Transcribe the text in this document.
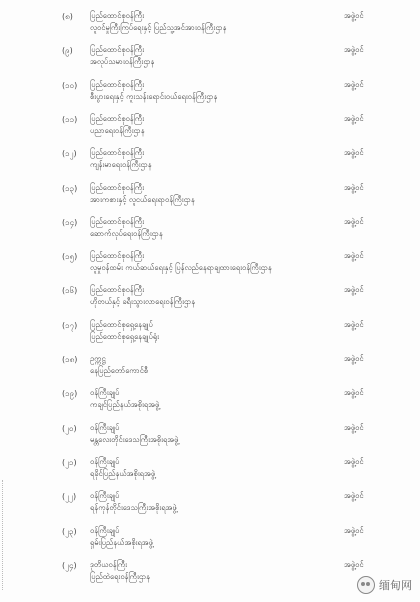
(၈) ပြည်ထောင်စုဝန်ကြီး
လူဝင်မှုကြီးကြပ်ရေးနှင့် ပြည်သူ့အင်အားဝန်ကြီးဌာန
အဖွဲ့ဝင်
(၉) ပြည်ထောင်စုဝန်ကြီး
အလုပ်သမားဝန်ကြီးဌာန
အဖွဲ့ဝင်
(၁၀) ပြည်ထောင်စုဝန်ကြီး
စီးပွားရေးနှင့် ကူးသန်းရောင်းဝယ်ရေးဝန်ကြီးဌာန
အဖွဲ့ဝင်
(၁၁) ပြည်ထောင်စုဝန်ကြီး
ပညာရေးဝန်ကြီးဌာန
အဖွဲ့ဝင်
(၁၂) ပြည်ထောင်စုဝန်ကြီး
ကျန်းမာရေးဝန်ကြီးဌာန
အဖွဲ့ဝင်
(၁၃) ပြည်ထောင်စုဝန်ကြီး
အားကစားနှင့် လူငယ်ရေးရာဝန်ကြီးဌာန
အဖွဲ့ဝင်
(၁၄) ပြည်ထောင်စုဝန်ကြီး
ဆောက်လုပ်ရေးဝန်ကြီးဌာန
အဖွဲ့ဝင်
(၁၅) ပြည်ထောင်စုဝန်ကြီး
လူမှုဝန်ထမ်း ကယ်ဆယ်ရေးနှင့် ပြန်လည်နေရာချထားရေးဝန်ကြီးဌာန
အဖွဲ့ဝင်
(၁၆) ပြည်ထောင်စုဝန်ကြီး
ဟိုတယ်နှင့် ခရီးသွားလာရေးဝန်ကြီးဌာန
အဖွဲ့ဝင်
(၁၇) ပြည်ထောင်စုရှေ့နေချုပ်
ပြည်ထောင်စုရှေ့နေချုပ်ရုံး
အဖွဲ့ဝင်
(၁၈) ဥက္ကဋ္ဌ
နေပြည်တော်ကောင်စီ
အဖွဲ့ဝင်
(၁၉) ဝန်ကြီးချုပ်
ကချင်ပြည်နယ်အစိုးရအဖွဲ့
အဖွဲ့ဝင်
(၂၀) ဝန်ကြီးချုပ်
မန္တလေးတိုင်းဒေသကြီးအစိုးရအဖွဲ့
အဖွဲ့ဝင်
(၂၁) ဝန်ကြီးချုပ်
ရခိုင်ပြည်နယ်အစိုးရအဖွဲ့
အဖွဲ့ဝင်
(၂၂) ဝန်ကြီးချုပ်
ရန်ကုန်တိုင်းဒေသကြီးအစိုးရအဖွဲ့
အဖွဲ့ဝင်
(၂၃) ဝန်ကြီးချုပ်
ရှမ်းပြည်နယ်အစိုးရအဖွဲ့
အဖွဲ့ဝင်
(၂၄) ဒုတိယဝန်ကြီး
ပြည်ထဲရေးဝန်ကြီးဌာန
အဖွဲ့ဝင်
缅甸网
